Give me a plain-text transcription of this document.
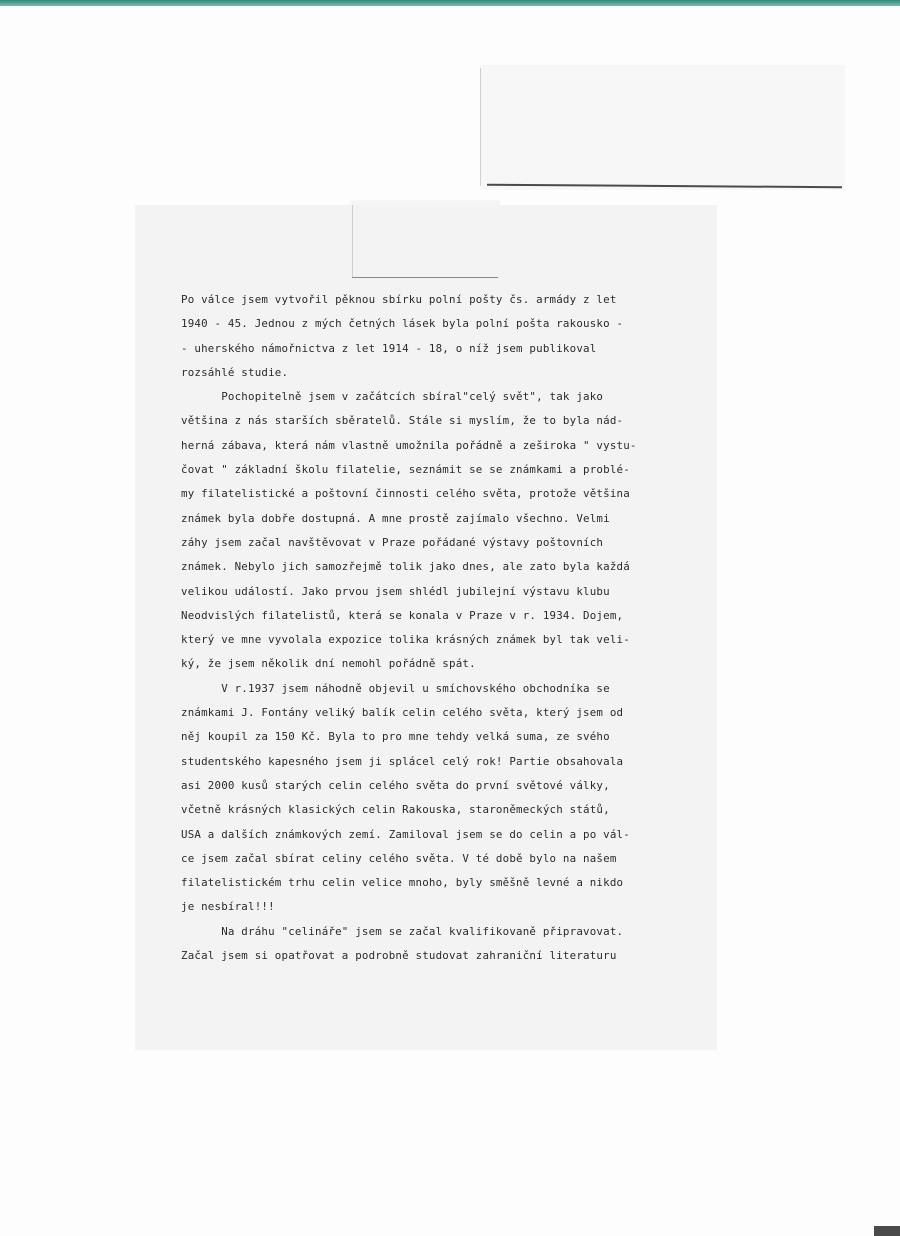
Po válce jsem vytvořil pěknou sbírku polní pošty čs. armády z let
1940 - 45. Jednou z mých četných lásek byla polní pošta rakousko -
- uherského námořnictva z let 1914 - 18, o níž jsem publikoval
rozsáhlé studie.
Pochopitelně jsem v začátcích sbíral"celý svět", tak jako
většina z nás starších sběratelů. Stále si myslím, že to byla nád-
herná zábava, která nám vlastně umožnila pořádně a zeširoka " vystu-
čovat " základní školu filatelie, seznámit se se známkami a problé-
my filatelistické a poštovní činnosti celého světa, protože většina
známek byla dobře dostupná. A mne prostě zajímalo všechno. Velmi
záhy jsem začal navštěvovat v Praze pořádané výstavy poštovních
známek. Nebylo jich samozřejmě tolik jako dnes, ale zato byla každá
velikou událostí. Jako prvou jsem shlédl jubilejní výstavu klubu
Neodvislých filatelistů, která se konala v Praze v r. 1934. Dojem,
který ve mne vyvolala expozice tolika krásných známek byl tak veli-
ký, že jsem několik dní nemohl pořádně spát.
V r.1937 jsem náhodně objevil u smíchovského obchodníka se
známkami J. Fontány veliký balík celin celého světa, který jsem od
něj koupil za 150 Kč. Byla to pro mne tehdy velká suma, ze svého
studentského kapesného jsem ji splácel celý rok! Partie obsahovala
asi 2000 kusů starých celin celého světa do první světové války,
včetně krásných klasických celin Rakouska, staroněmeckých států,
USA a dalších známkových zemí. Zamiloval jsem se do celin a po vál-
ce jsem začal sbírat celiny celého světa. V té době bylo na našem
filatelistickém trhu celin velice mnoho, byly směšně levné a nikdo
je nesbíral!!!
Na dráhu "celináře" jsem se začal kvalifikovaně připravovat.
Začal jsem si opatřovat a podrobně studovat zahraniční literaturu
